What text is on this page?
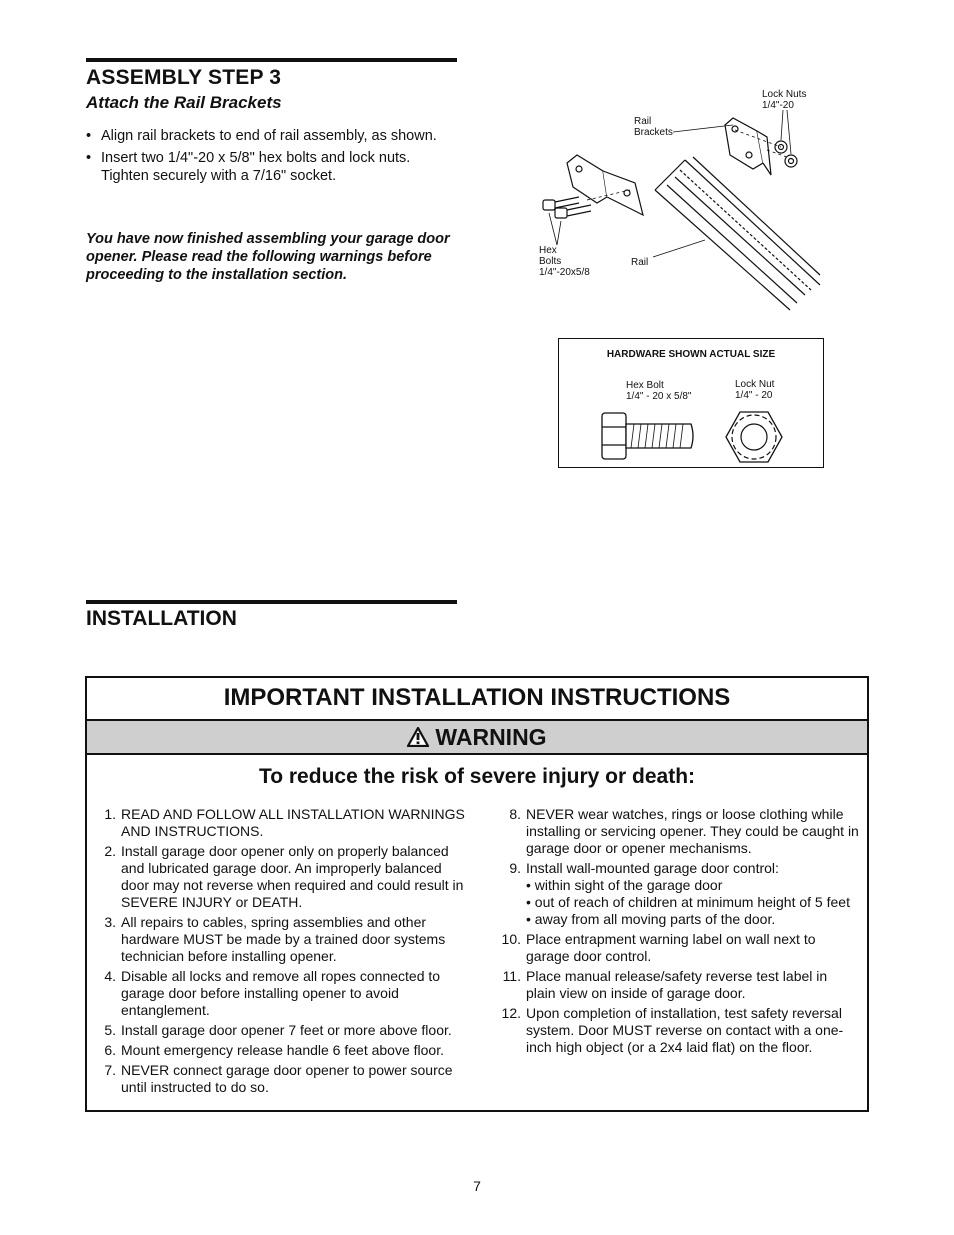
ASSEMBLY STEP 3
Attach the Rail Brackets
• Align rail brackets to end of rail assembly, as shown.
• Insert two 1/4"-20 x 5/8" hex bolts and lock nuts. Tighten securely with a 7/16" socket.

You have now finished assembling your garage door opener. Please read the following warnings before proceeding to the installation section.

Lock Nuts
1/4"-20
Rail
Brackets
Hex
Bolts
1/4"-20x5/8
Rail
HARDWARE SHOWN ACTUAL SIZE
Hex Bolt
1/4" - 20 x 5/8"
Lock Nut
1/4" - 20
INSTALLATION
IMPORTANT INSTALLATION INSTRUCTIONS
WARNING
To reduce the risk of severe injury or death:
1. READ AND FOLLOW ALL INSTALLATION WARNINGS AND INSTRUCTIONS.
2. Install garage door opener only on properly balanced and lubricated garage door. An improperly balanced door may not reverse when required and could result in SEVERE INJURY or DEATH.
3. All repairs to cables, spring assemblies and other hardware MUST be made by a trained door systems technician before installing opener.
4. Disable all locks and remove all ropes connected to garage door before installing opener to avoid entanglement.
5. Install garage door opener 7 feet or more above floor.
6. Mount emergency release handle 6 feet above floor.
7. NEVER connect garage door opener to power source until instructed to do so.
8. NEVER wear watches, rings or loose clothing while installing or servicing opener. They could be caught in garage door or opener mechanisms.
9. Install wall-mounted garage door control:
• within sight of the garage door
• out of reach of children at minimum height of 5 feet
• away from all moving parts of the door.
10. Place entrapment warning label on wall next to garage door control.
11. Place manual release/safety reverse test label in plain view on inside of garage door.
12. Upon completion of installation, test safety reversal system. Door MUST reverse on contact with a one-inch high object (or a 2x4 laid flat) on the floor.
7
